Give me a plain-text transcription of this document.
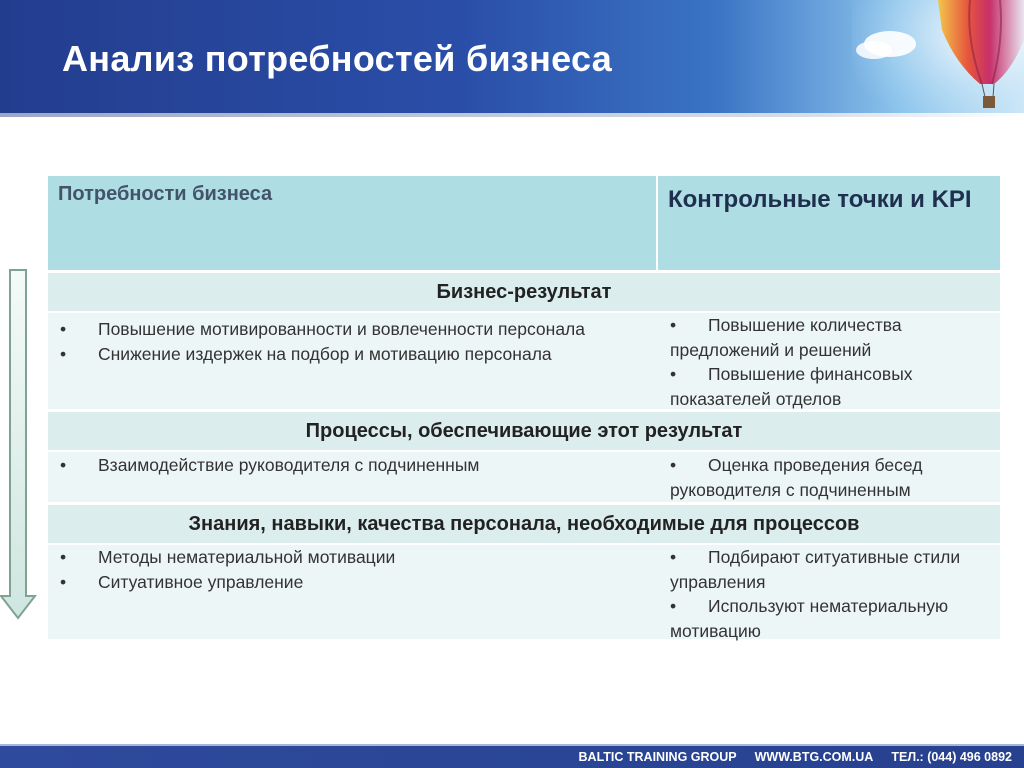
Анализ потребностей бизнеса
Потребности бизнеса	Контрольные точки и KPI
Бизнес-результат
• Повышение мотивированности и вовлеченности персонала
• Снижение издержек на подбор и мотивацию персонала
• Повышение количества предложений и решений
• Повышение финансовых показателей отделов
Процессы, обеспечивающие этот результат
• Взаимодействие руководителя с подчиненным	• Оценка проведения бесед руководителя с подчиненным
Знания, навыки, качества персонала, необходимые для процессов
• Методы нематериальной мотивации
• Ситуативное управление
• Подбирают ситуативные стили управления
• Используют нематериальную мотивацию
BALTIC TRAINING GROUP WWW.BTG.COM.UA ТЕЛ.: (044) 496 0892
